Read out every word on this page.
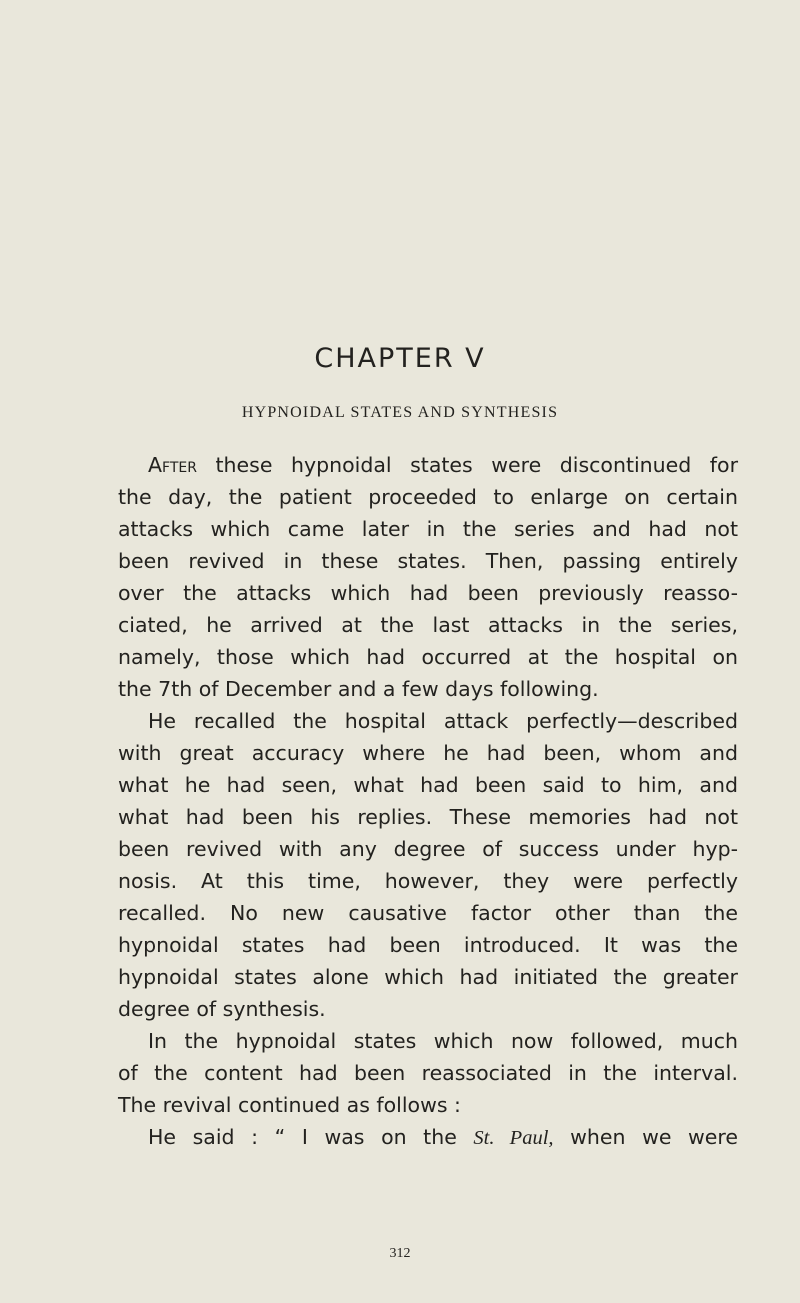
CHAPTER V
HYPNOIDAL STATES AND SYNTHESIS
After these hypnoidal states were discontinued for
the day, the patient proceeded to enlarge on certain
attacks which came later in the series and had not
been revived in these states. Then, passing entirely
over the attacks which had been previously reasso-
ciated, he arrived at the last attacks in the series,
namely, those which had occurred at the hospital on
the 7th of December and a few days following.
He recalled the hospital attack perfectly—described
with great accuracy where he had been, whom and
what he had seen, what had been said to him, and
what had been his replies. These memories had not
been revived with any degree of success under hyp-
nosis. At this time, however, they were perfectly
recalled. No new causative factor other than the
hypnoidal states had been introduced. It was the
hypnoidal states alone which had initiated the greater
degree of synthesis.
In the hypnoidal states which now followed, much
of the content had been reassociated in the interval.
The revival continued as follows :
He said : “ I was on the St. Paul, when we were
312
